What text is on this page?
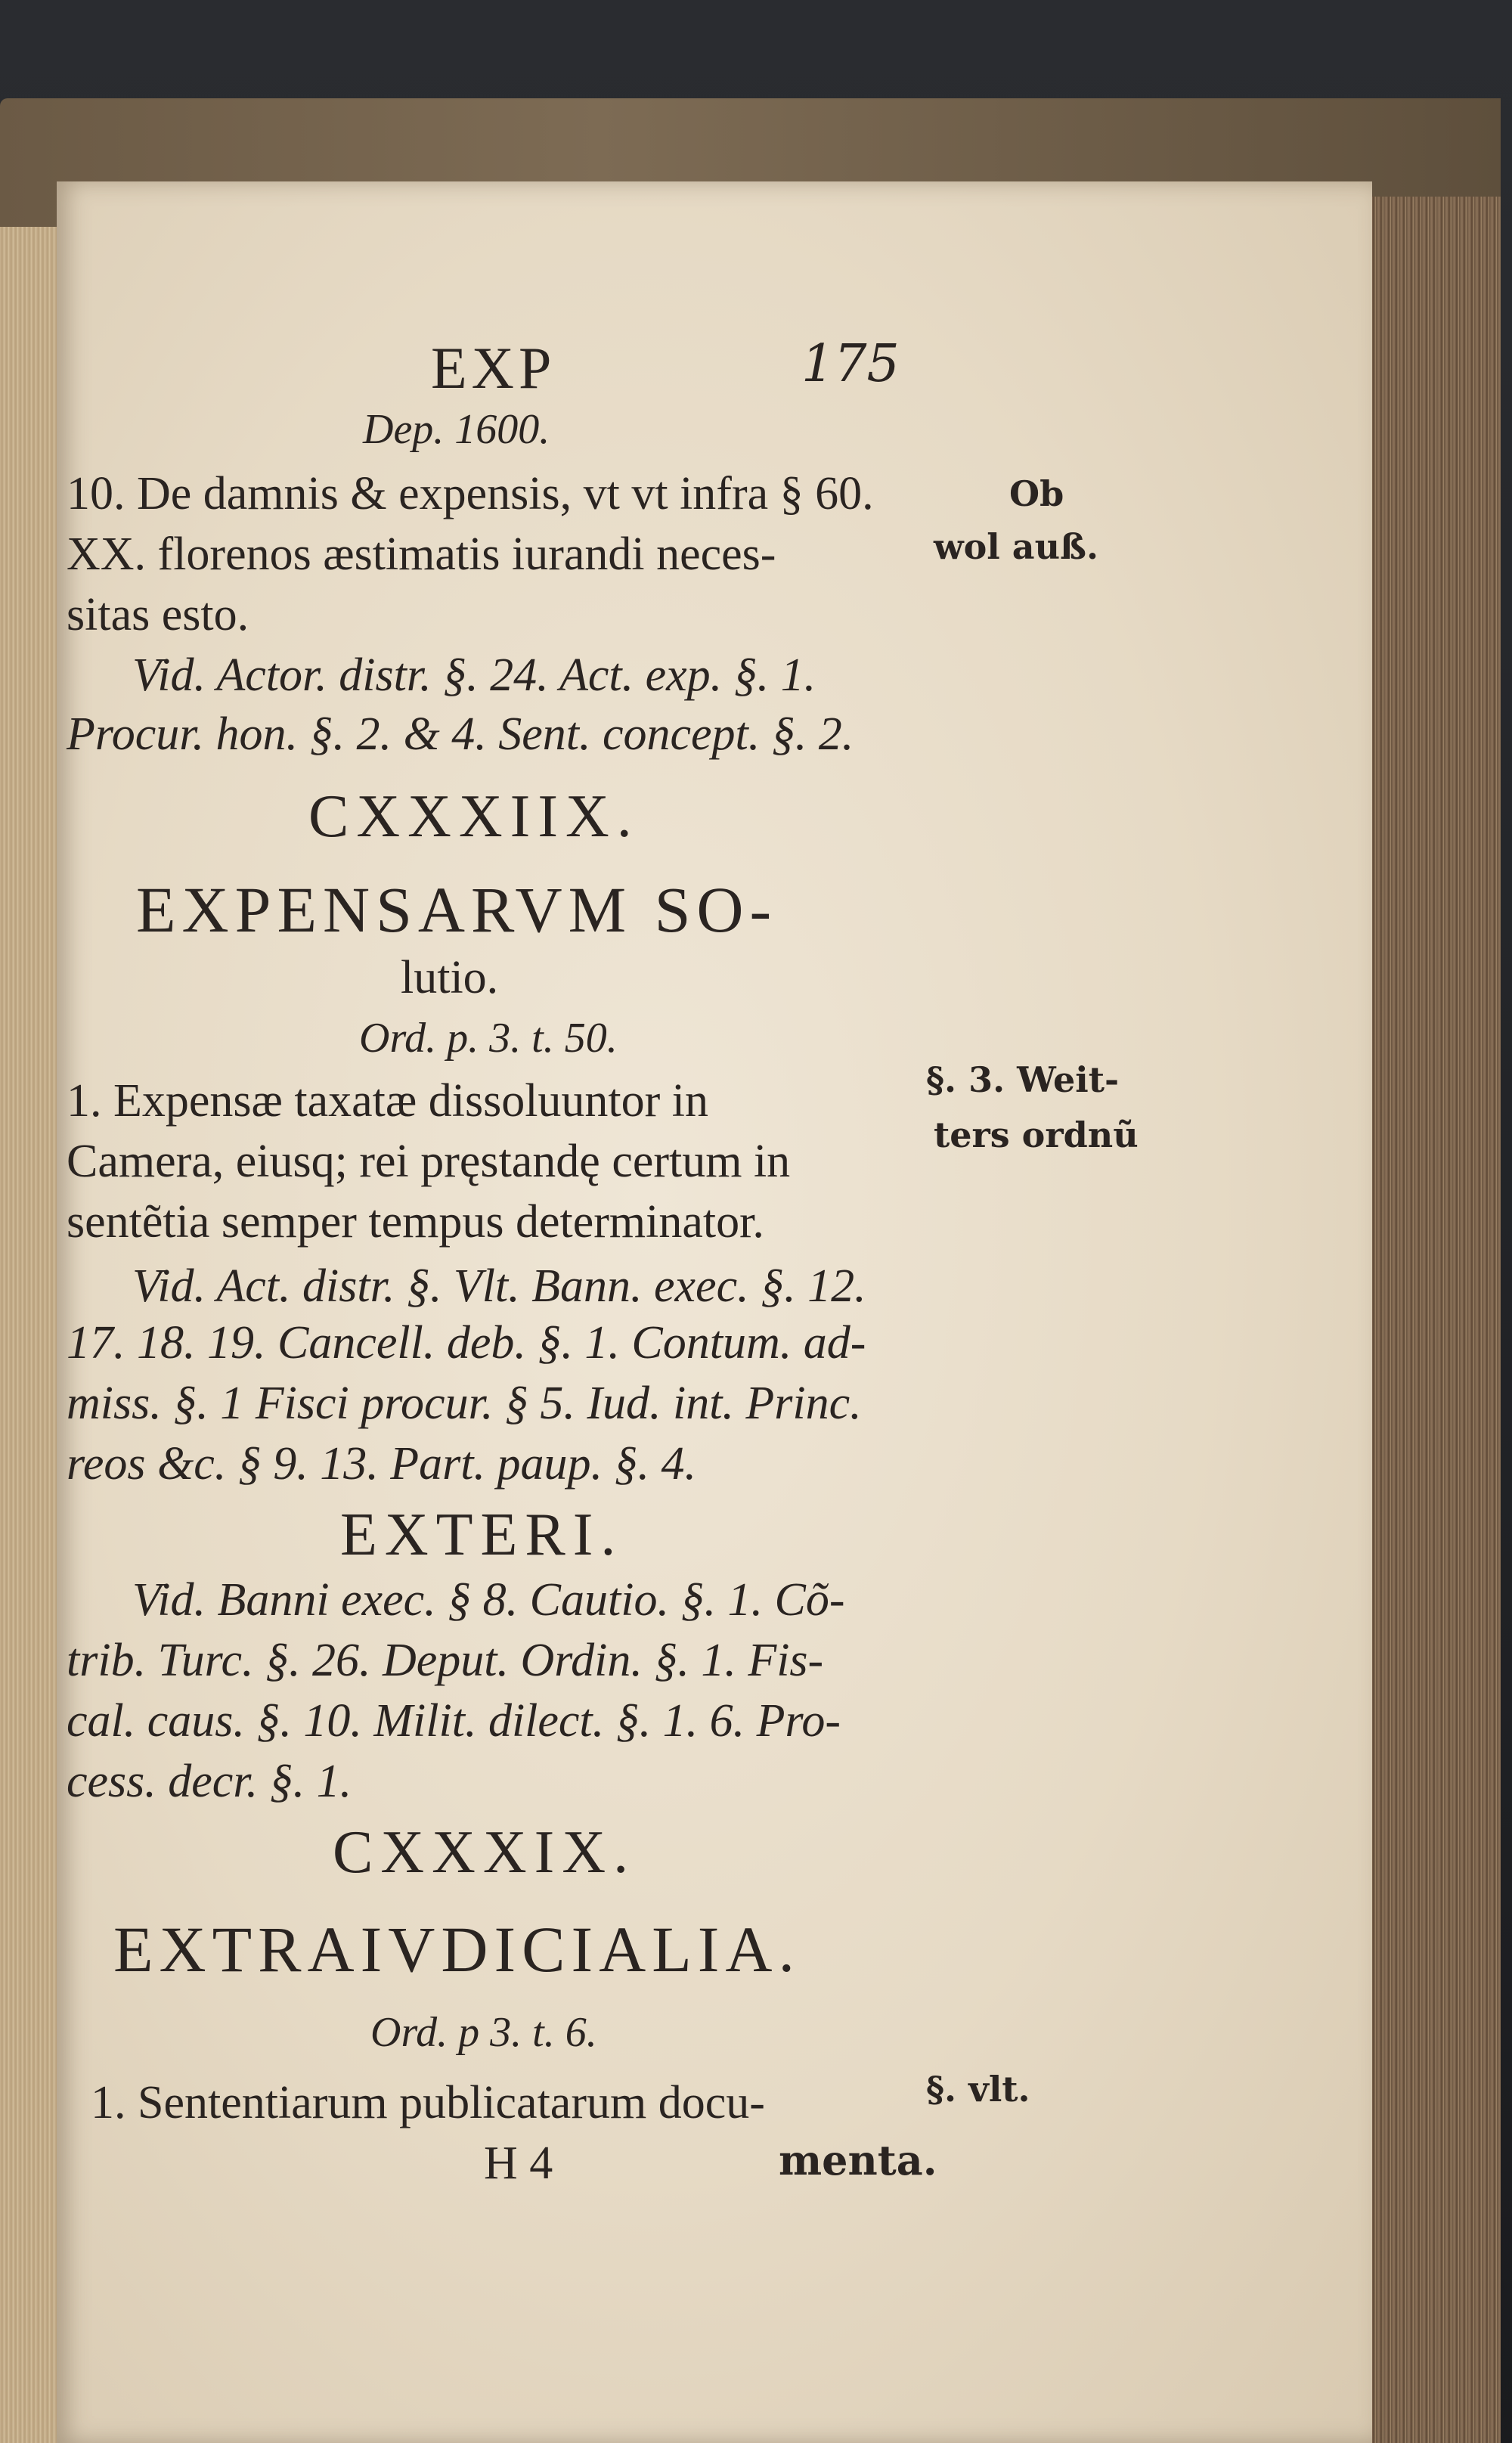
EXP	175
Dep. 1600.
10. De damnis & expensis, vt vt infra § 60.	Ob
XX. florenos æstimatis iurandi neces-	wol auß.
sitas esto.
Vid. Actor. distr. §. 24. Act. exp. §. 1.
Procur. hon. §. 2. & 4. Sent. concept. §. 2.
CXXXIIX.
EXPENSARVM SO-
lutio.
Ord. p. 3. t. 50.
1. Expensæ taxatæ dissoluuntor in	§. 3. Weit-
Camera, eiusq; rei pręstandę certum in
ters ordnũ
sentẽtia semper tempus determinator.
Vid. Act. distr. §. Vlt. Bann. exec. §. 12.
17. 18. 19. Cancell. deb. §. 1. Contum. ad-
miss. §. 1 Fisci procur. § 5. Iud. int. Princ.
reos &c. § 9. 13. Part. paup. §. 4.
EXTERI.
Vid. Banni exec. § 8. Cautio. §. 1. Cõ-
trib. Turc. §. 26. Deput. Ordin. §. 1. Fis-
cal. caus. §. 10. Milit. dilect. §. 1. 6. Pro-
cess. decr. §. 1.
CXXXIX.
EXTRAIVDICIALIA.
Ord. p 3. t. 6.
1. Sententiarum publicatarum docu-	§. vlt.
H 4	menta.
